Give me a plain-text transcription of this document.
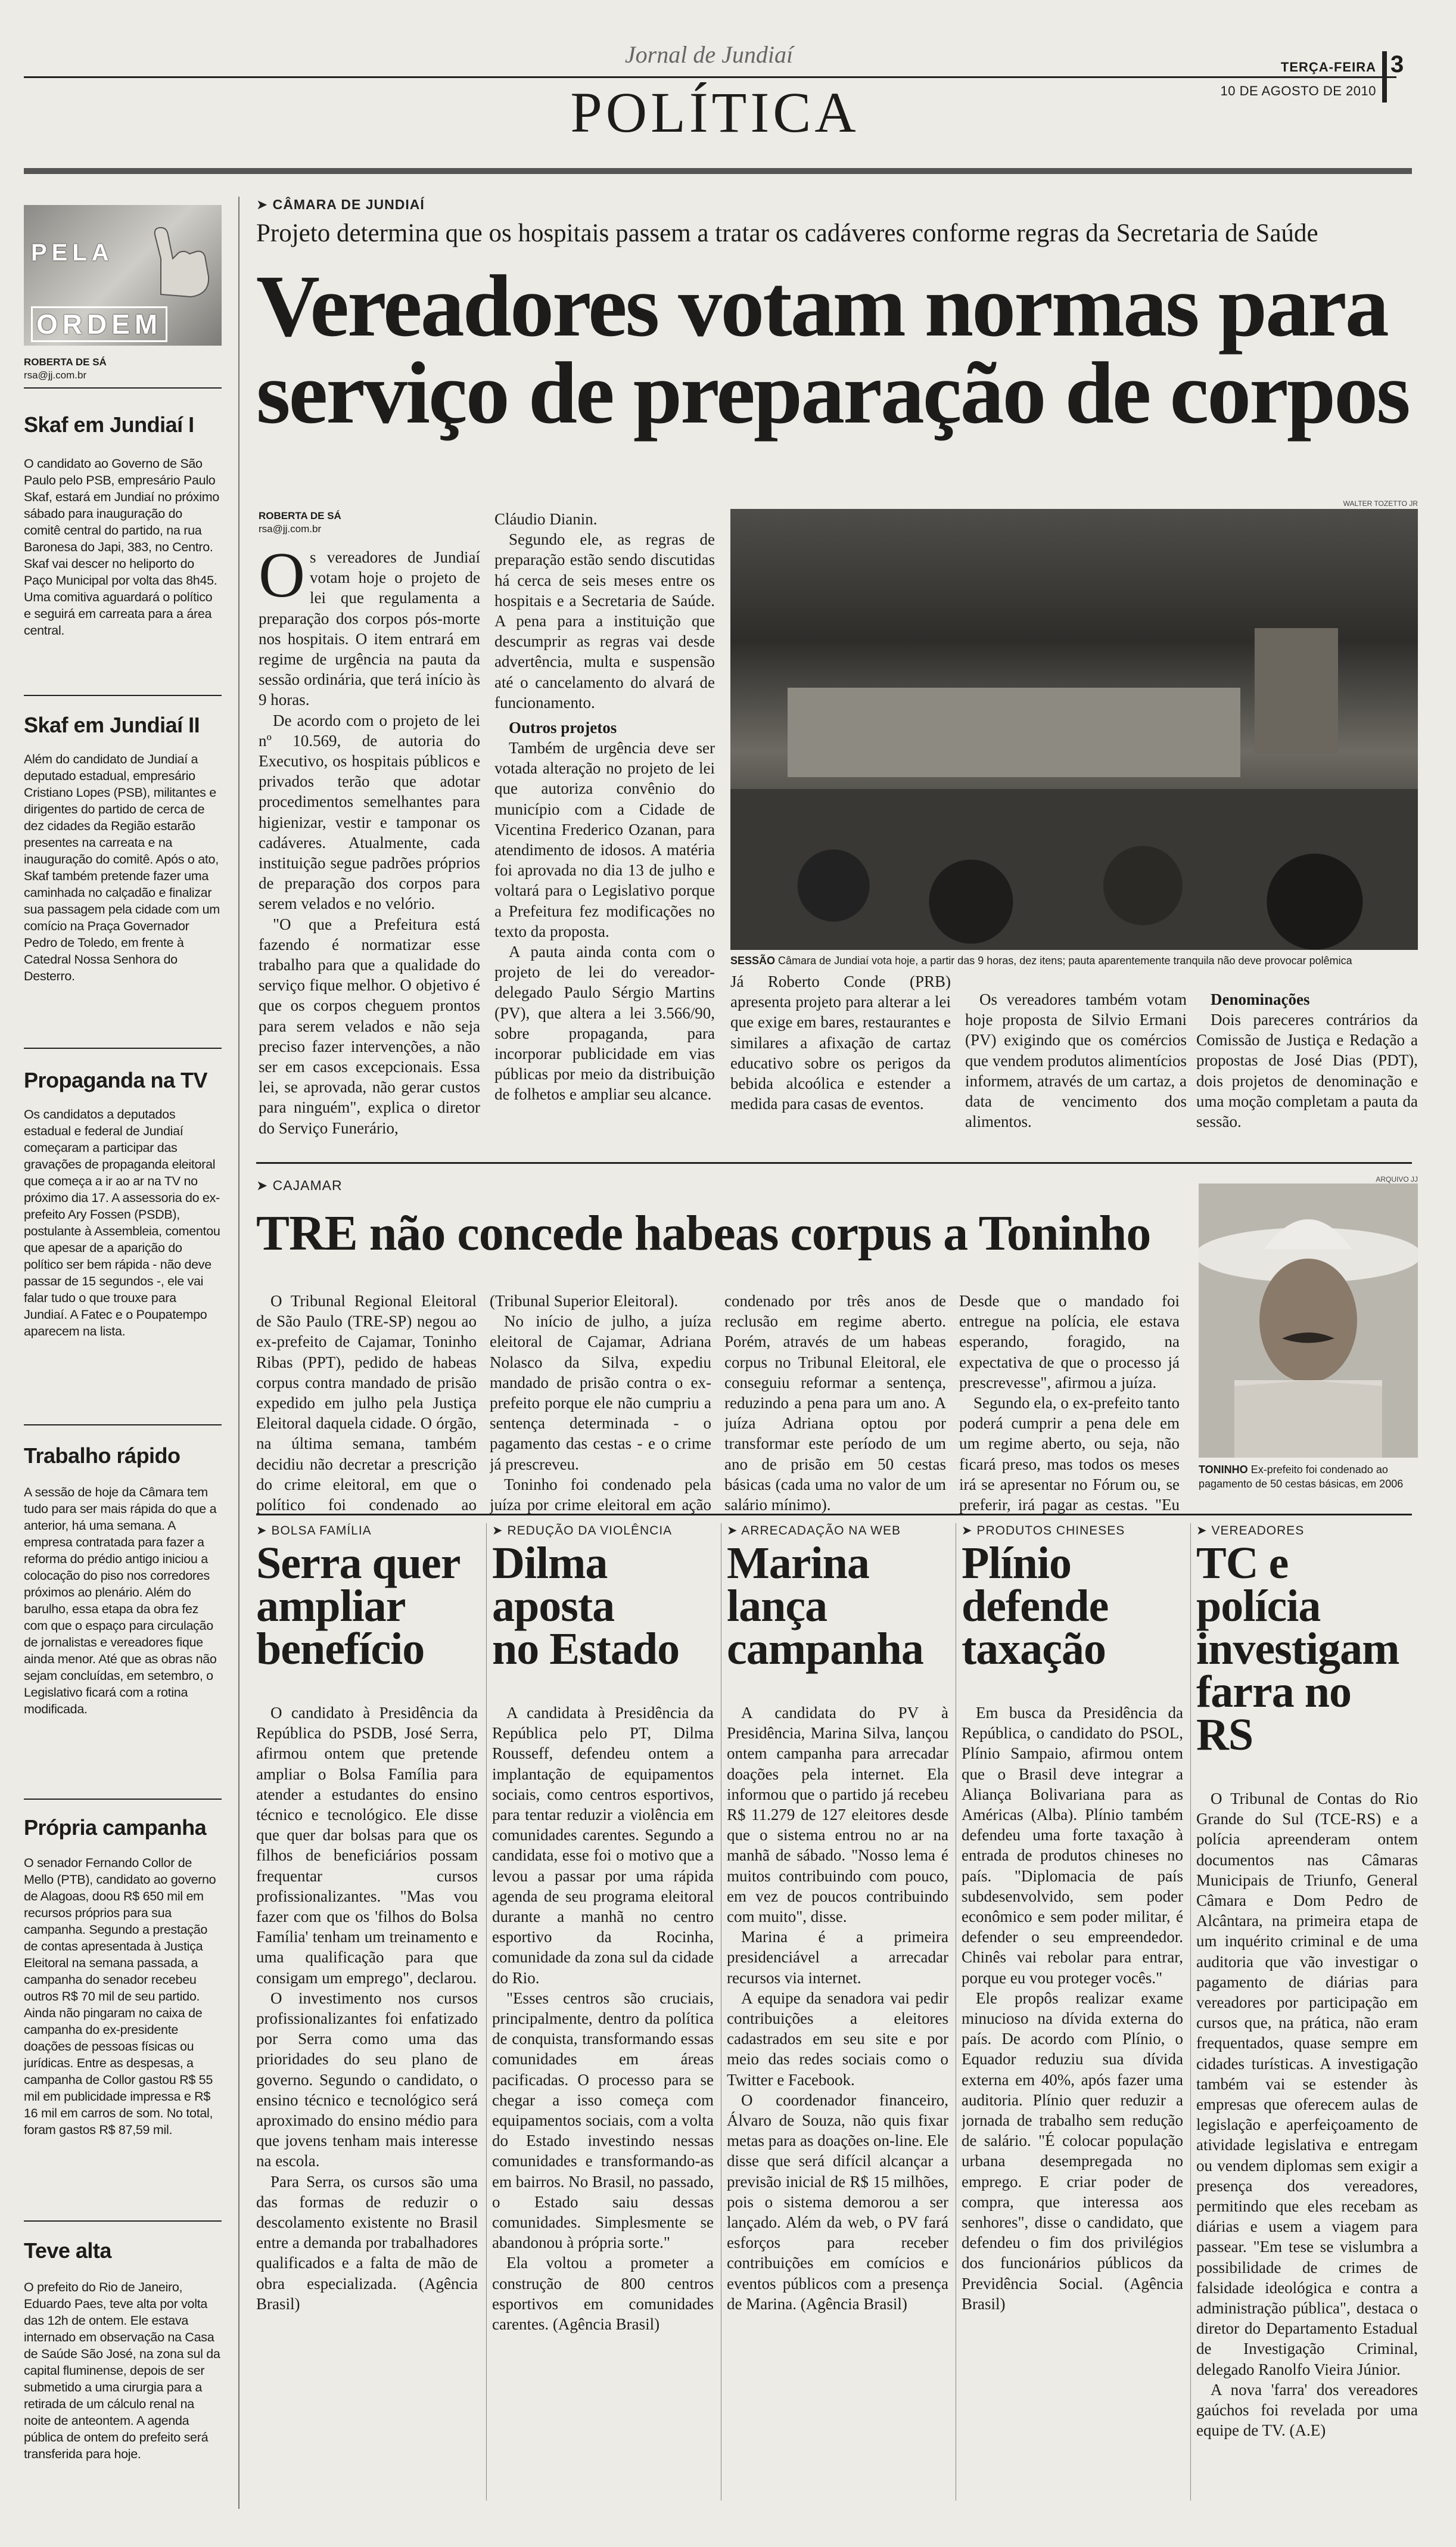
Jornal de Jundiaí
POLÍTICA
TERÇA-FEIRA
10 DE AGOSTO DE 2010
3
PELA
ORDEM
ROBERTA DE SÁ
rsa@jj.com.br
Skaf em Jundiaí I
O candidato ao Governo de São Paulo pelo PSB, empresário Paulo Skaf, estará em Jundiaí no próximo sábado para inauguração do comitê central do partido, na rua Baronesa do Japi, 383, no Centro. Skaf vai descer no heliporto do Paço Municipal por volta das 8h45. Uma comitiva aguardará o político e seguirá em carreata para a área central.
Skaf em Jundiaí II
Além do candidato de Jundiaí a deputado estadual, empresário Cristiano Lopes (PSB), militantes e dirigentes do partido de cerca de dez cidades da Região estarão presentes na carreata e na inauguração do comitê. Após o ato, Skaf também pretende fazer uma caminhada no calçadão e finalizar sua passagem pela cidade com um comício na Praça Governador Pedro de Toledo, em frente à Catedral Nossa Senhora do Desterro.
Propaganda na TV
Os candidatos a deputados estadual e federal de Jundiaí começaram a participar das gravações de propaganda eleitoral que começa a ir ao ar na TV no próximo dia 17. A assessoria do ex-prefeito Ary Fossen (PSDB), postulante à Assembleia, comentou que apesar de a aparição do político ser bem rápida - não deve passar de 15 segundos -, ele vai falar tudo o que trouxe para Jundiaí. A Fatec e o Poupatempo aparecem na lista.
Trabalho rápido
A sessão de hoje da Câmara tem tudo para ser mais rápida do que a anterior, há uma semana. A empresa contratada para fazer a reforma do prédio antigo iniciou a colocação do piso nos corredores próximos ao plenário. Além do barulho, essa etapa da obra fez com que o espaço para circulação de jornalistas e vereadores fique ainda menor. Até que as obras não sejam concluídas, em setembro, o Legislativo ficará com a rotina modificada.
Própria campanha
O senador Fernando Collor de Mello (PTB), candidato ao governo de Alagoas, doou R$ 650 mil em recursos próprios para sua campanha. Segundo a prestação de contas apresentada à Justiça Eleitoral na semana passada, a campanha do senador recebeu outros R$ 70 mil de seu partido. Ainda não pingaram no caixa de campanha do ex-presidente doações de pessoas físicas ou jurídicas. Entre as despesas, a campanha de Collor gastou R$ 55 mil em publicidade impressa e R$ 16 mil em carros de som. No total, foram gastos R$ 87,59 mil.
Teve alta
O prefeito do Rio de Janeiro, Eduardo Paes, teve alta por volta das 12h de ontem. Ele estava internado em observação na Casa de Saúde São José, na zona sul da capital fluminense, depois de ser submetido a uma cirurgia para a retirada de um cálculo renal na noite de anteontem. A agenda pública de ontem do prefeito será transferida para hoje.
➤ CÂMARA DE JUNDIAÍ
Projeto determina que os hospitais passem a tratar os cadáveres conforme regras da Secretaria de Saúde
Vereadores votam normas para
serviço de preparação de corpos
ROBERTA DE SÁ
rsa@jj.com.br

Os vereadores de Jundiaí votam hoje o projeto de lei que regulamenta a preparação dos corpos pós-morte nos hospitais. O item entrará em regime de urgência na pauta da sessão ordinária, que terá início às 9 horas.

De acordo com o projeto de lei nº 10.569, de autoria do Executivo, os hospitais públicos e privados terão que adotar procedimentos semelhantes para higienizar, vestir e tamponar os cadáveres. Atualmente, cada instituição segue padrões próprios de preparação dos corpos para serem velados e no velório.

"O que a Prefeitura está fazendo é normatizar esse trabalho para que a qualidade do serviço fique melhor. O objetivo é que os corpos cheguem prontos para serem velados e não seja preciso fazer intervenções, a não ser em casos excepcionais. Essa lei, se aprovada, não gerar custos para ninguém", explica o diretor do Serviço Funerário,

Cláudio Dianin.

Segundo ele, as regras de preparação estão sendo discutidas há cerca de seis meses entre os hospitais e a Secretaria de Saúde. A pena para a instituição que descumprir as regras vai desde advertência, multa e suspensão até o cancelamento do alvará de funcionamento.

Outros projetos

Também de urgência deve ser votada alteração no projeto de lei que autoriza convênio do município com a Cidade de Vicentina Frederico Ozanan, para atendimento de idosos. A matéria foi aprovada no dia 13 de julho e voltará para o Legislativo porque a Prefeitura fez modificações no texto da proposta.

A pauta ainda conta com o projeto de lei do vereador-delegado Paulo Sérgio Martins (PV), que altera a lei 3.566/90, sobre propaganda, para incorporar publicidade em vias públicas por meio da distribuição de folhetos e ampliar seu alcance.

WALTER TOZETTO JR
SESSÃO Câmara de Jundiaí vota hoje, a partir das 9 horas, dez itens; pauta aparentemente tranquila não deve provocar polêmica

Já Roberto Conde (PRB) apresenta projeto para alterar a lei que exige em bares, restaurantes e similares a afixação de cartaz educativo sobre os perigos da bebida alcoólica e estender a medida para casas de eventos.

Os vereadores também votam hoje proposta de Silvio Ermani (PV) exigindo que os comércios que vendem produtos alimentícios informem, através de um cartaz, a data de vencimento dos alimentos.

Denominações

Dois pareceres contrários da Comissão de Justiça e Redação a propostas de José Dias (PDT), dois projetos de denominação e uma moção completam a pauta da sessão.

➤ CAJAMAR
TRE não concede habeas corpus a Toninho

O Tribunal Regional Eleitoral de São Paulo (TRE-SP) negou ao ex-prefeito de Cajamar, Toninho Ribas (PPT), pedido de habeas corpus contra mandado de prisão expedido em julho pela Justiça Eleitoral daquela cidade. O órgão, na última semana, também decidiu não decretar a prescrição do crime eleitoral, em que o político foi condenado ao

(Tribunal Superior Eleitoral).

No início de julho, a juíza eleitoral de Cajamar, Adriana Nolasco da Silva, expediu mandado de prisão contra o ex-prefeito porque ele não cumpriu a sentença determinada - o pagamento das cestas - e o crime já prescreveu.

Toninho foi condenado pela juíza por crime eleitoral em ação

condenado por três anos de reclusão em regime aberto. Porém, através de um habeas corpus no Tribunal Eleitoral, ele conseguiu reformar a sentença, reduzindo a pena para um ano. A juíza Adriana optou por transformar este período de um ano de prisão em 50 cestas básicas (cada uma no valor de um salário mínimo).

Desde que o mandado foi entregue na polícia, ele estava esperando, foragido, na expectativa de que o processo já prescrevesse", afirmou a juíza.

Segundo ela, o ex-prefeito tanto poderá cumprir a pena dele em um regime aberto, ou seja, não ficará preso, mas todos os meses irá se apresentar no Fórum ou, se preferir, irá pagar as cestas. "Eu

ARQUIVO JJ
TONINHO Ex-prefeito foi condenado ao pagamento de 50 cestas básicas, em 2006
➤ BOLSA FAMÍLIA
Serra quer
ampliar
benefício

O candidato à Presidência da República do PSDB, José Serra, afirmou ontem que pretende ampliar o Bolsa Família para atender a estudantes do ensino técnico e tecnológico. Ele disse que quer dar bolsas para que os filhos de beneficiários possam frequentar cursos profissionalizantes. "Mas vou fazer com que os 'filhos do Bolsa Família' tenham um treinamento e uma qualificação para que consigam um emprego", declarou.

O investimento nos cursos profissionalizantes foi enfatizado por Serra como uma das prioridades do seu plano de governo. Segundo o candidato, o ensino técnico e tecnológico será aproximado do ensino médio para que jovens tenham mais interesse na escola.

Para Serra, os cursos são uma das formas de reduzir o descolamento existente no Brasil entre a demanda por trabalhadores qualificados e a falta de mão de obra especializada. (Agência Brasil)

➤ REDUÇÃO DA VIOLÊNCIA
Dilma
aposta
no Estado

A candidata à Presidência da República pelo PT, Dilma Rousseff, defendeu ontem a implantação de equipamentos sociais, como centros esportivos, para tentar reduzir a violência em comunidades carentes. Segundo a candidata, esse foi o motivo que a levou a passar por uma rápida agenda de seu programa eleitoral durante a manhã no centro esportivo da Rocinha, comunidade da zona sul da cidade do Rio.

"Esses centros são cruciais, principalmente, dentro da política de conquista, transformando essas comunidades em áreas pacificadas. O processo para se chegar a isso começa com equipamentos sociais, com a volta do Estado investindo nessas comunidades e transformando-as em bairros. No Brasil, no passado, o Estado saiu dessas comunidades. Simplesmente se abandonou à própria sorte."

Ela voltou a prometer a construção de 800 centros esportivos em comunidades carentes. (Agência Brasil)

➤ ARRECADAÇÃO NA WEB
Marina
lança
campanha

A candidata do PV à Presidência, Marina Silva, lançou ontem campanha para arrecadar doações pela internet. Ela informou que o partido já recebeu R$ 11.279 de 127 eleitores desde que o sistema entrou no ar na manhã de sábado. "Nosso lema é muitos contribuindo com pouco, em vez de poucos contribuindo com muito", disse.

Marina é a primeira presidenciável a arrecadar recursos via internet.

A equipe da senadora vai pedir contribuições a eleitores cadastrados em seu site e por meio das redes sociais como o Twitter e Facebook.

O coordenador financeiro, Álvaro de Souza, não quis fixar metas para as doações on-line. Ele disse que será difícil alcançar a previsão inicial de R$ 15 milhões, pois o sistema demorou a ser lançado. Além da web, o PV fará esforços para receber contribuições em comícios e eventos públicos com a presença de Marina. (Agência Brasil)

➤ PRODUTOS CHINESES
Plínio
defende
taxação

Em busca da Presidência da República, o candidato do PSOL, Plínio Sampaio, afirmou ontem que o Brasil deve integrar a Aliança Bolivariana para as Américas (Alba). Plínio também defendeu uma forte taxação à entrada de produtos chineses no país. "Diplomacia de país subdesenvolvido, sem poder econômico e sem poder militar, é defender o seu empreendedor. Chinês vai rebolar para entrar, porque eu vou proteger vocês."

Ele propôs realizar exame minucioso na dívida externa do país. De acordo com Plínio, o Equador reduziu sua dívida externa em 40%, após fazer uma auditoria. Plínio quer reduzir a jornada de trabalho sem redução de salário. "É colocar população urbana desempregada no emprego. E criar poder de compra, que interessa aos senhores", disse o candidato, que defendeu o fim dos privilégios dos funcionários públicos da Previdência Social. (Agência Brasil)

➤ VEREADORES
TC e polícia
investigam
farra no RS

O Tribunal de Contas do Rio Grande do Sul (TCE-RS) e a polícia apreenderam ontem documentos nas Câmaras Municipais de Triunfo, General Câmara e Dom Pedro de Alcântara, na primeira etapa de um inquérito criminal e de uma auditoria que vão investigar o pagamento de diárias para vereadores por participação em cursos que, na prática, não eram frequentados, quase sempre em cidades turísticas. A investigação também vai se estender às empresas que oferecem aulas de legislação e aperfeiçoamento de atividade legislativa e entregam ou vendem diplomas sem exigir a presença dos vereadores, permitindo que eles recebam as diárias e usem a viagem para passear. "Em tese se vislumbra a possibilidade de crimes de falsidade ideológica e contra a administração pública", destaca o diretor do Departamento Estadual de Investigação Criminal, delegado Ranolfo Vieira Júnior.

A nova 'farra' dos vereadores gaúchos foi revelada por uma equipe de TV. (A.E)
